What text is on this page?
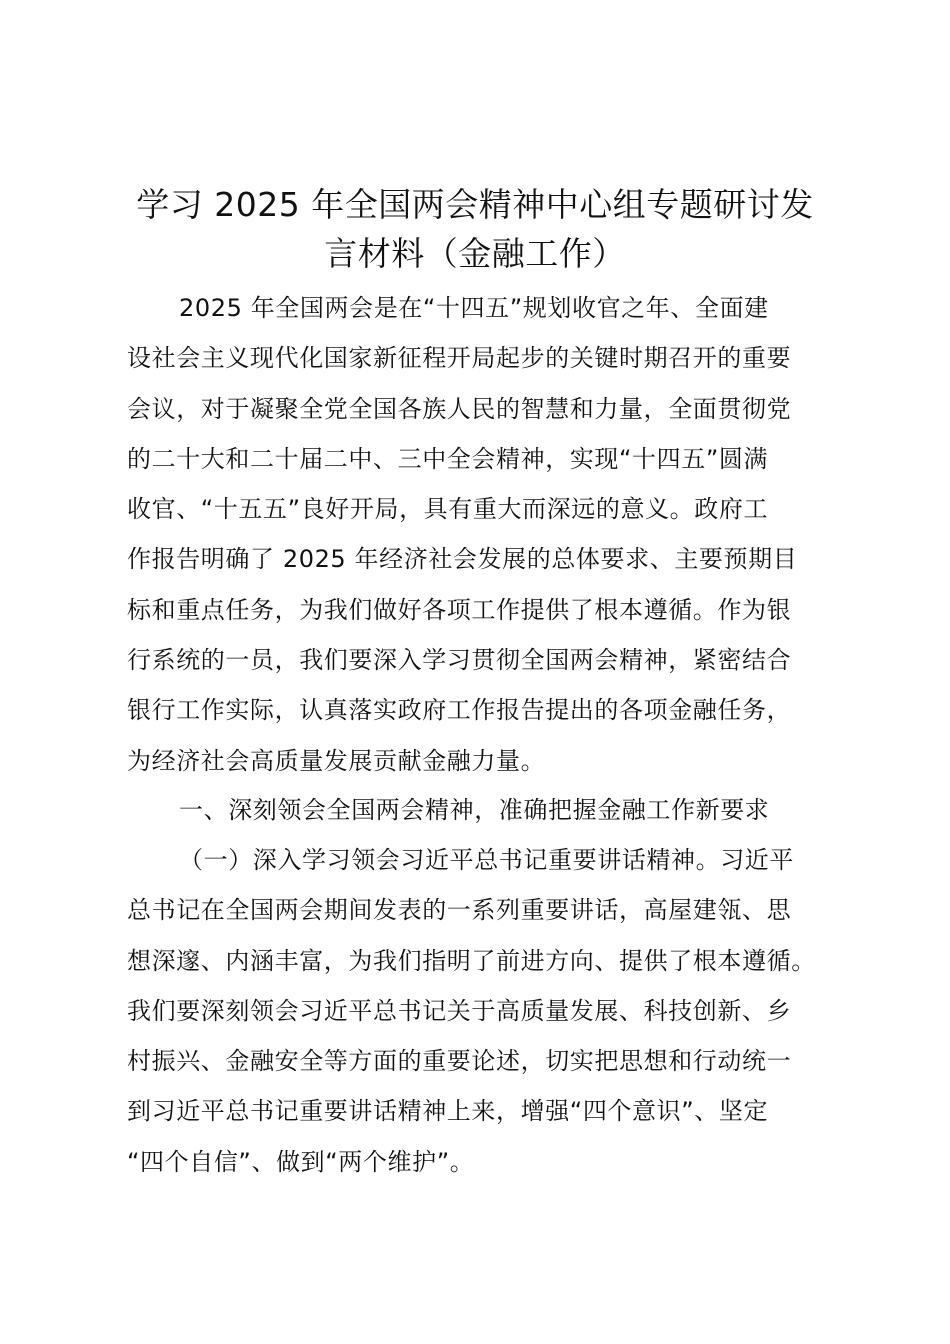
学习 2025 年全国两会精神中心组专题研讨发
言材料（金融工作）
2025 年全国两会是在“十四五”规划收官之年、全面建
设社会主义现代化国家新征程开局起步的关键时期召开的重要
会议，对于凝聚全党全国各族人民的智慧和力量，全面贯彻党
的二十大和二十届二中、三中全会精神，实现“十四五”圆满
收官、“十五五”良好开局，具有重大而深远的意义。政府工
作报告明确了 2025 年经济社会发展的总体要求、主要预期目
标和重点任务，为我们做好各项工作提供了根本遵循。作为银
行系统的一员，我们要深入学习贯彻全国两会精神，紧密结合
银行工作实际，认真落实政府工作报告提出的各项金融任务，
为经济社会高质量发展贡献金融力量。
一、深刻领会全国两会精神，准确把握金融工作新要求
（一）深入学习领会习近平总书记重要讲话精神。习近平
总书记在全国两会期间发表的一系列重要讲话，高屋建瓴、思
想深邃、内涵丰富，为我们指明了前进方向、提供了根本遵循。
我们要深刻领会习近平总书记关于高质量发展、科技创新、乡
村振兴、金融安全等方面的重要论述，切实把思想和行动统一
到习近平总书记重要讲话精神上来，增强“四个意识”、坚定
“四个自信”、做到“两个维护”。
